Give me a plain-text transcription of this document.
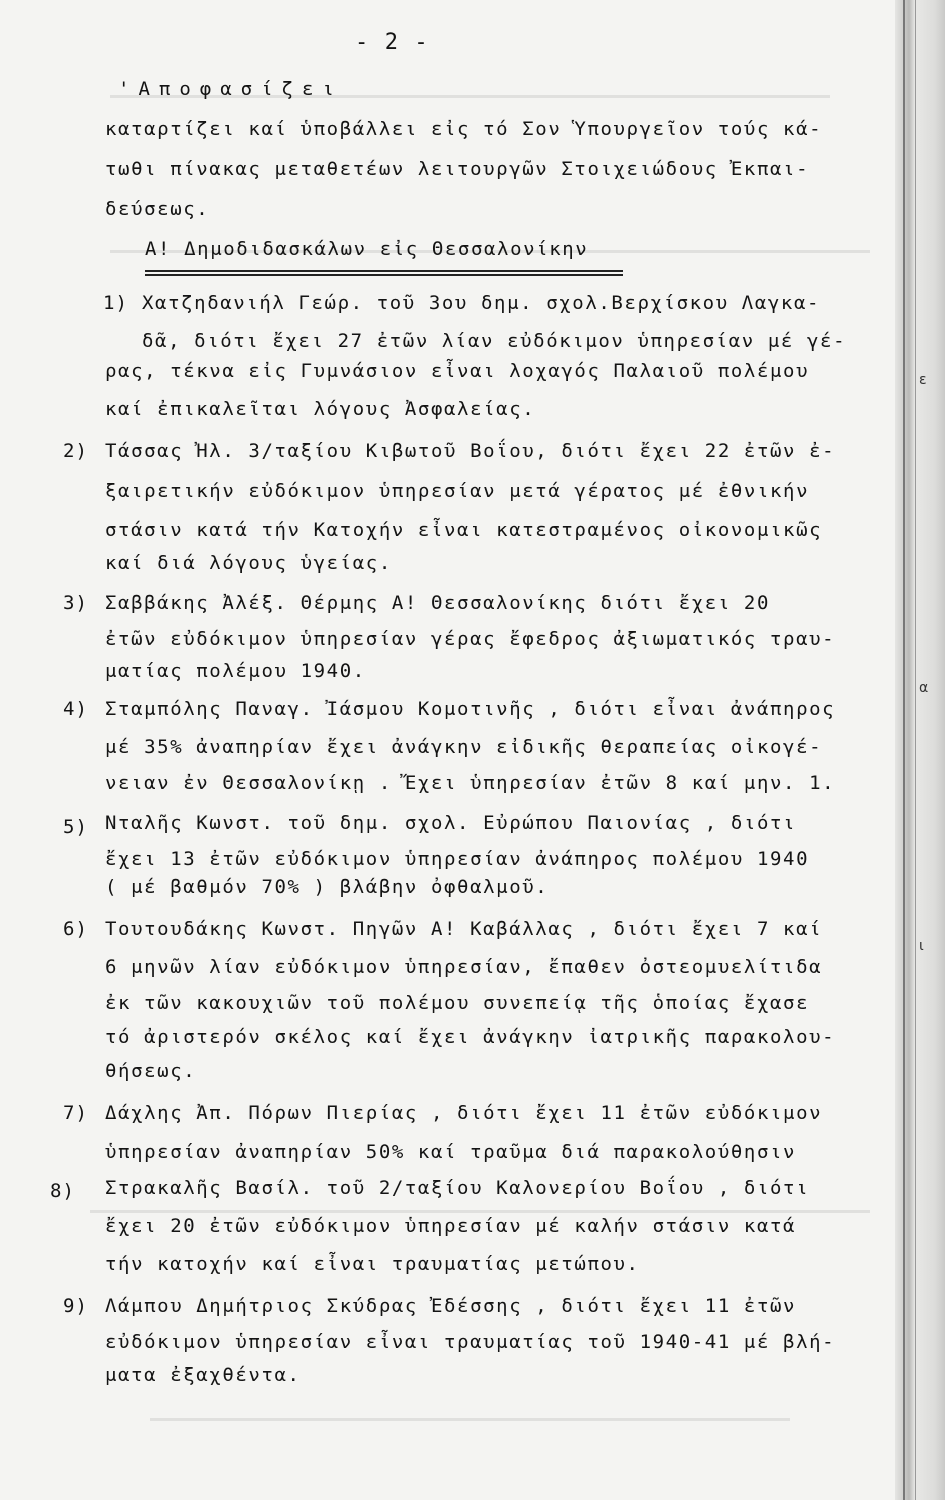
- 2 -
'Αποφασίζει
καταρτίζει καί ὑποβάλλει εἰς τό Σον Ὑπουργεῖον τούς κά-
τωθι πίνακας μεταθετέων λειτουργῶν Στοιχειώδους Ἐκπαι-
δεύσεως.
Α! Δημοδιδασκάλων εἰς Θεσσαλονίκην
1) Χατζηδανιήλ Γεώρ. τοῦ 3ου δημ. σχολ.Βερχίσκου Λαγκα-
δᾶ, διότι ἔχει 27 ἐτῶν λίαν εὐδόκιμον ὑπηρεσίαν μέ γέ-
ρας, τέκνα εἰς Γυμνάσιον εἶναι λοχαγός Παλαιοῦ πολέμου
καί ἐπικαλεῖται λόγους Ἀσφαλείας.
2) Τάσσας Ἠλ. 3/ταξίου Κιβωτοῦ Βοΐου, διότι ἔχει 22 ἐτῶν ἐ-
ξαιρετικήν εὐδόκιμον ὑπηρεσίαν μετά γέρατος μέ ἐθνικήν
στάσιν κατά τήν Κατοχήν εἶναι κατεστραμένος οἰκονομικῶς
καί διά λόγους ὑγείας.
3) Σαββάκης Ἀλέξ. Θέρμης Α! Θεσσαλονίκης διότι ἔχει 20
ἐτῶν εὐδόκιμον ὑπηρεσίαν γέρας ἔφεδρος ἀξιωματικός τραυ-
ματίας πολέμου 1940.
4) Σταμπόλης Παναγ. Ἰάσμου Κομοτινῆς , διότι εἶναι ἀνάπηρος
μέ 35% ἀναπηρίαν ἔχει ἀνάγκην εἰδικῆς θεραπείας οἰκογέ-
νειαν ἐν Θεσσαλονίκῃ . Ἔχει ὑπηρεσίαν ἐτῶν 8 καί μην. 1.
5) Νταλῆς Κωνστ. τοῦ δημ. σχολ. Εὐρώπου Παιονίας , διότι
ἔχει 13 ἐτῶν εὐδόκιμον ὑπηρεσίαν ἀνάπηρος πολέμου 1940
( μέ βαθμόν 70% ) βλάβην ὀφθαλμοῦ.
6) Τουτουδάκης Κωνστ. Πηγῶν Α! Καβάλλας , διότι ἔχει 7 καί
6 μηνῶν λίαν εὐδόκιμον ὑπηρεσίαν, ἔπαθεν ὀστεομυελίτιδα
ἐκ τῶν κακουχιῶν τοῦ πολέμου συνεπείᾳ τῆς ὁποίας ἔχασε
τό ἀριστερόν σκέλος καί ἔχει ἀνάγκην ἰατρικῆς παρακολου-
θήσεως.
7) Δάχλης Ἀπ. Πόρων Πιερίας , διότι ἔχει 11 ἐτῶν εὐδόκιμον
ὑπηρεσίαν ἀναπηρίαν 50% καί τραῦμα διά παρακολούθησιν
8) Στρακαλῆς Βασίλ. τοῦ 2/ταξίου Καλονερίου Βοΐου , διότι
ἔχει 20 ἐτῶν εὐδόκιμον ὑπηρεσίαν μέ καλήν στάσιν κατά
τήν κατοχήν καί εἶναι τραυματίας μετώπου.
9) Λάμπου Δημήτριος Σκύδρας Ἐδέσσης , διότι ἔχει 11 ἐτῶν
εὐδόκιμον ὑπηρεσίαν εἶναι τραυματίας τοῦ 1940-41 μέ βλή-
ματα ἐξαχθέντα.
ε
α
ι
